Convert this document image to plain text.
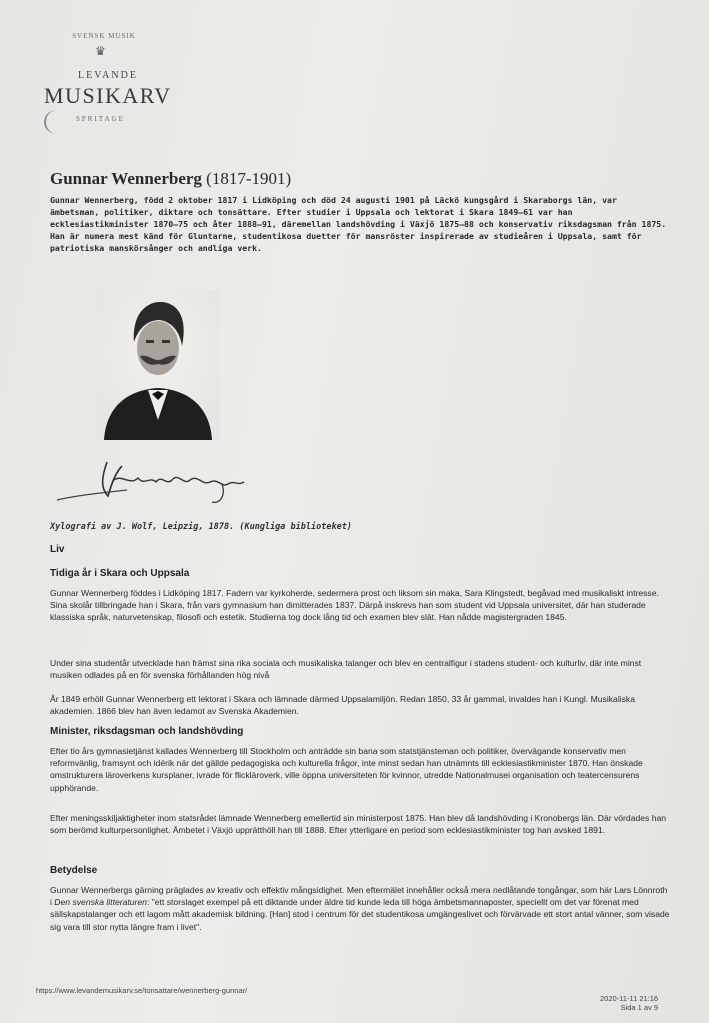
SVENSK MUSIK
♛
LEVANDE
MUSIKARV
SPRITAGE
Gunnar Wennerberg (1817-1901)
Gunnar Wennerberg, född 2 oktober 1817 i Lidköping och död 24 augusti 1901 på Läckö kungsgård i Skaraborgs län, var ämbetsman, politiker, diktare och tonsättare. Efter studier i Uppsala och lektorat i Skara 1849–61 var han ecklesiastikminister 1870–75 och åter 1888–91, däremellan landshövding i Växjö 1875–88 och konservativ riksdagsman från 1875. Han är numera mest känd för Gluntarne, studentikosa duetter för mansröster inspirerade av studieåren i Uppsala, samt för patriotiska manskörsånger och andliga verk.
Xylografi av J. Wolf, Leipzig, 1878. (Kungliga biblioteket)
Liv
Tidiga år i Skara och Uppsala
Gunnar Wennerberg föddes i Lidköping 1817. Fadern var kyrkoherde, sedermera prost och liksom sin maka, Sara Klingstedt, begåvad med musikaliskt intresse. Sina skolår tillbringade han i Skara, från vars gymnasium han dimitterades 1837. Därpå inskrevs han som student vid Uppsala universitet, där han studerade klassiska språk, naturvetenskap, filosofi och estetik. Studierna tog dock lång tid och examen blev slät. Han nådde magistergraden 1845.
Under sina studentår utvecklade han främst sina rika sociala och musikaliska talanger och blev en centralfigur i stadens student- och kulturliv, där inte minst musiken odlades på en för svenska förhållanden hög nivå
År 1849 erhöll Gunnar Wennerberg ett lektorat i Skara och lämnade därmed Uppsalamiljön. Redan 1850, 33 år gammal, invaldes han i Kungl. Musikaliska akademien. 1866 blev han även ledamot av Svenska Akademien.
Minister, riksdagsman och landshövding
Efter tio års gymnasietjänst kallades Wennerberg till Stockholm och anträdde sin bana som statstjänsteman och politiker, övervägande konservativ men reformvänlig, framsynt och idérik när det gällde pedagogiska och kulturella frågor, inte minst sedan han utnämnts till ecklesiastikminister 1870. Han önskade omstrukturera läroverkens kursplaner, ivrade för flickläroverk, ville öppna universiteten för kvinnor, utredde Nationalmusei organisation och teatercensurens upphörande.
Efter meningsskiljaktigheter inom statsrådet lämnade Wennerberg emellertid sin ministerpost 1875. Han blev då landshövding i Kronobergs län. Där vördades han som berömd kulturpersonlighet. Ämbetet i Växjö upprätthöll han till 1888. Efter ytterligare en period som ecklesiastikminister tog han avsked 1891.
Betydelse
Gunnar Wennerbergs gärning präglades av kreativ och effektiv mångsidighet. Men eftermälet innehåller också mera nedlåtande tongångar, som här Lars Lönnroth i Den svenska litteraturen: "ett storslaget exempel på ett diktande under äldre tid kunde leda till höga ämbetsmannaposter, speciellt om det var förenat med sällskapstalanger och ett lagom mått akademisk bildning. [Han] stod i centrum för det studentikosa umgängeslivet och förvärvade ett stort antal vänner, som visade sig vara till stor nytta längre fram i livet".
https://www.levandemusikarv.se/tonsattare/wennerberg-gunnar/
2020-11-11 21:16
Sida 1 av 9
